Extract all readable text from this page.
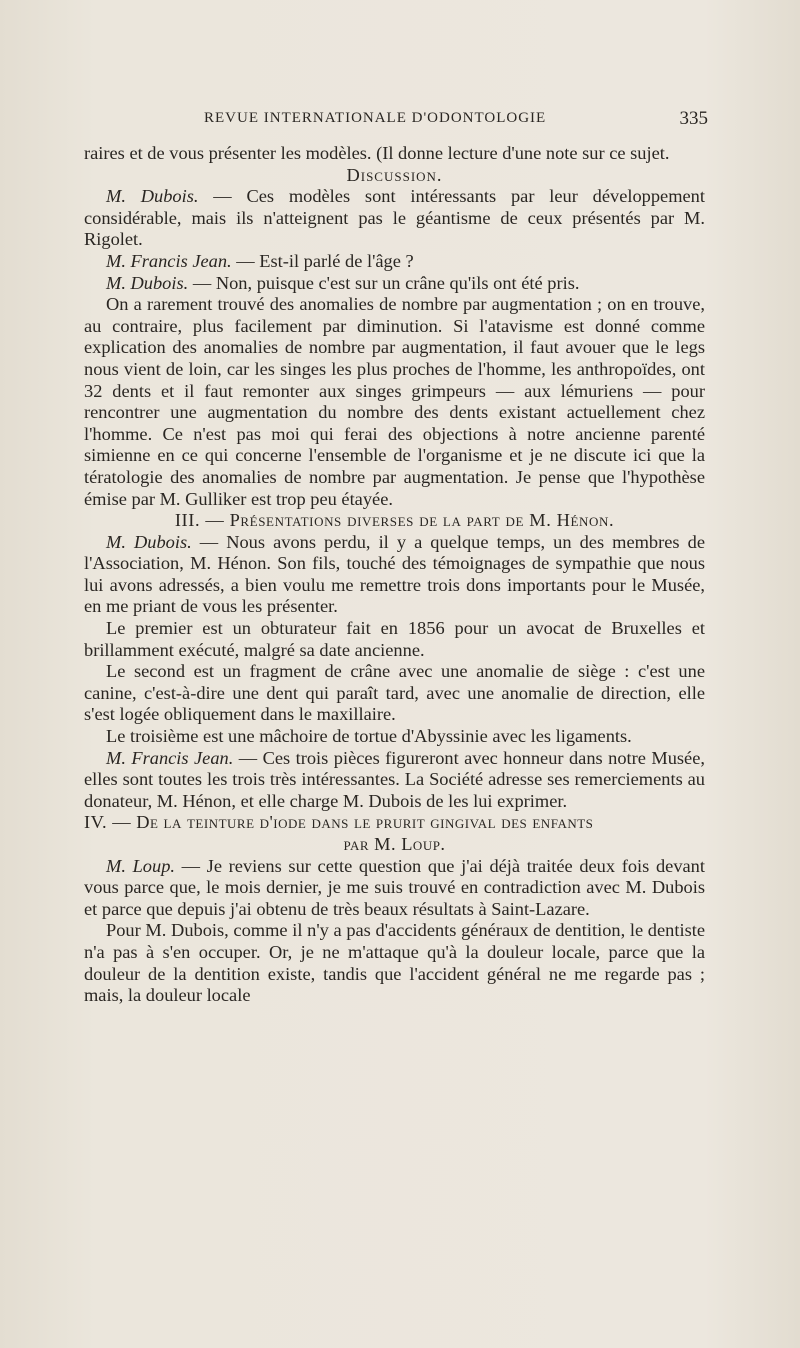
REVUE INTERNATIONALE D'ODONTOLOGIE	335

raires et de vous présenter les modèles. (Il donne lecture d'une note sur ce sujet.

Discussion.

M. Dubois. — Ces modèles sont intéressants par leur développement considérable, mais ils n'atteignent pas le géantisme de ceux présentés par M. Rigolet.

M. Francis Jean. — Est-il parlé de l'âge ?

M. Dubois. — Non, puisque c'est sur un crâne qu'ils ont été pris.

On a rarement trouvé des anomalies de nombre par augmentation ; on en trouve, au contraire, plus facilement par diminution. Si l'atavisme est donné comme explication des anomalies de nombre par augmentation, il faut avouer que le legs nous vient de loin, car les singes les plus proches de l'homme, les anthropoïdes, ont 32 dents et il faut remonter aux singes grimpeurs — aux lémuriens — pour rencontrer une augmentation du nombre des dents existant actuellement chez l'homme. Ce n'est pas moi qui ferai des objections à notre ancienne parenté simienne en ce qui concerne l'ensemble de l'organisme et je ne discute ici que la tératologie des anomalies de nombre par augmentation. Je pense que l'hypothèse émise par M. Gulliker est trop peu étayée.

III. — Présentations diverses de la part de M. Hénon.

M. Dubois. — Nous avons perdu, il y a quelque temps, un des membres de l'Association, M. Hénon. Son fils, touché des témoignages de sympathie que nous lui avons adressés, a bien voulu me remettre trois dons importants pour le Musée, en me priant de vous les présenter.

Le premier est un obturateur fait en 1856 pour un avocat de Bruxelles et brillamment exécuté, malgré sa date ancienne.

Le second est un fragment de crâne avec une anomalie de siège : c'est une canine, c'est-à-dire une dent qui paraît tard, avec une anomalie de direction, elle s'est logée obliquement dans le maxillaire.

Le troisième est une mâchoire de tortue d'Abyssinie avec les ligaments.

M. Francis Jean. — Ces trois pièces figureront avec honneur dans notre Musée, elles sont toutes les trois très intéressantes. La Société adresse ses remerciements au donateur, M. Hénon, et elle charge M. Dubois de les lui exprimer.

IV. — De la teinture d'iode dans le prurit gingival des enfants

par M. Loup.

M. Loup. — Je reviens sur cette question que j'ai déjà traitée deux fois devant vous parce que, le mois dernier, je me suis trouvé en contradiction avec M. Dubois et parce que depuis j'ai obtenu de très beaux résultats à Saint-Lazare.

Pour M. Dubois, comme il n'y a pas d'accidents généraux de dentition, le dentiste n'a pas à s'en occuper. Or, je ne m'attaque qu'à la douleur locale, parce que la douleur de la dentition existe, tandis que l'accident général ne me regarde pas ; mais, la douleur locale
